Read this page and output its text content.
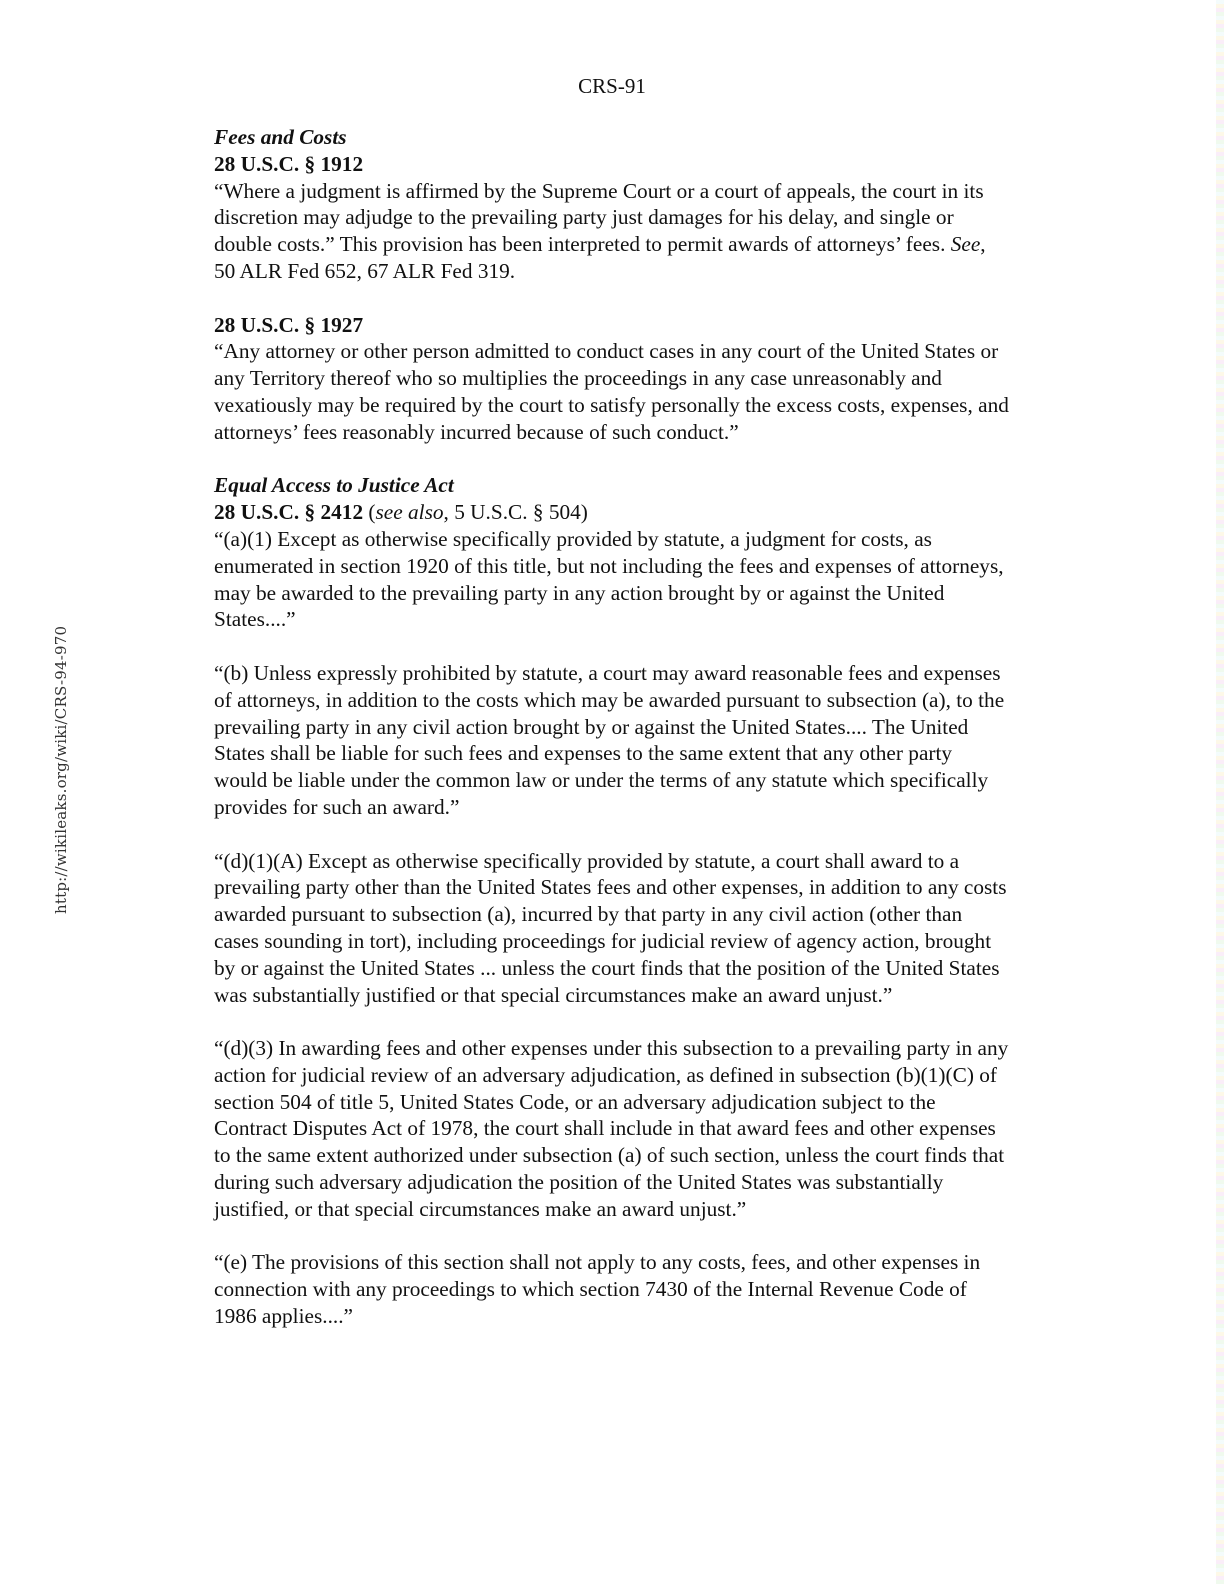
CRS-91
http://wikileaks.org/wiki/CRS-94-970
Fees and Costs
28 U.S.C. § 1912
“Where a judgment is affirmed by the Supreme Court or a court of appeals, the court in its discretion may adjudge to the prevailing party just damages for his delay, and single or double costs.” This provision has been interpreted to permit awards of attorneys’ fees. See, 50 ALR Fed 652, 67 ALR Fed 319.
28 U.S.C. § 1927
“Any attorney or other person admitted to conduct cases in any court of the United States or any Territory thereof who so multiplies the proceedings in any case unreasonably and vexatiously may be required by the court to satisfy personally the excess costs, expenses, and attorneys’ fees reasonably incurred because of such conduct.”
Equal Access to Justice Act
28 U.S.C. § 2412 (see also, 5 U.S.C. § 504)
“(a)(1) Except as otherwise specifically provided by statute, a judgment for costs, as enumerated in section 1920 of this title, but not including the fees and expenses of attorneys, may be awarded to the prevailing party in any action brought by or against the United States....”
“(b) Unless expressly prohibited by statute, a court may award reasonable fees and expenses of attorneys, in addition to the costs which may be awarded pursuant to subsection (a), to the prevailing party in any civil action brought by or against the United States.... The United States shall be liable for such fees and expenses to the same extent that any other party would be liable under the common law or under the terms of any statute which specifically provides for such an award.”
“(d)(1)(A) Except as otherwise specifically provided by statute, a court shall award to a prevailing party other than the United States fees and other expenses, in addition to any costs awarded pursuant to subsection (a), incurred by that party in any civil action (other than cases sounding in tort), including proceedings for judicial review of agency action, brought by or against the United States ... unless the court finds that the position of the United States was substantially justified or that special circumstances make an award unjust.”
“(d)(3) In awarding fees and other expenses under this subsection to a prevailing party in any action for judicial review of an adversary adjudication, as defined in subsection (b)(1)(C) of section 504 of title 5, United States Code, or an adversary adjudication subject to the Contract Disputes Act of 1978, the court shall include in that award fees and other expenses to the same extent authorized under subsection (a) of such section, unless the court finds that during such adversary adjudication the position of the United States was substantially justified, or that special circumstances make an award unjust.”
“(e) The provisions of this section shall not apply to any costs, fees, and other expenses in connection with any proceedings to which section 7430 of the Internal Revenue Code of 1986 applies....”
